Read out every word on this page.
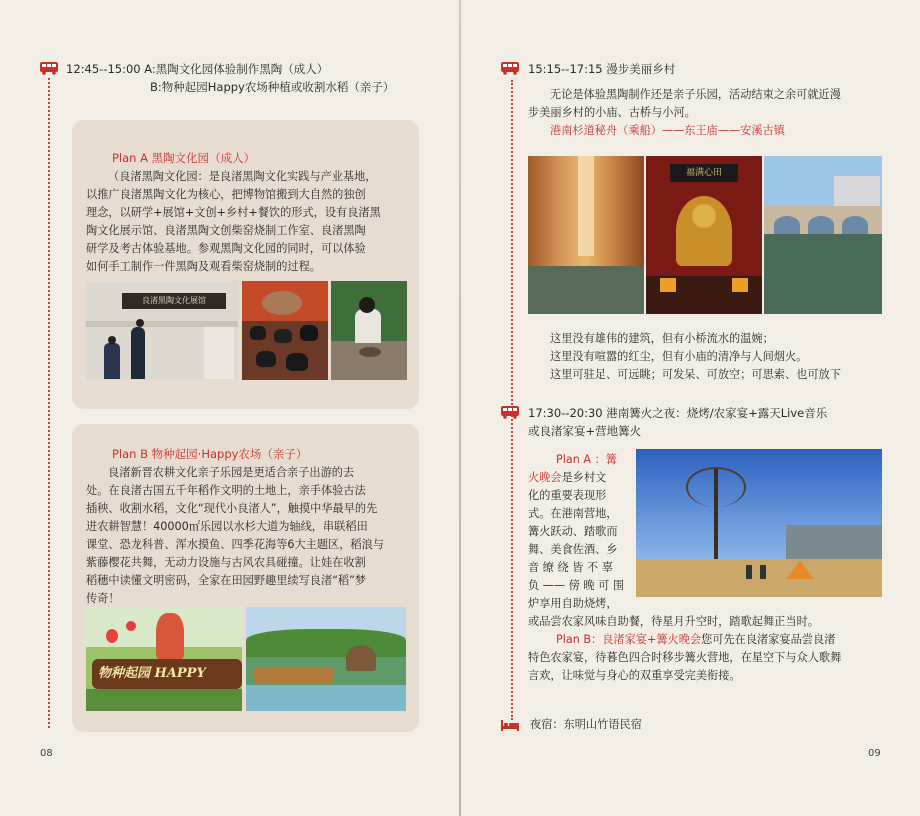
12:45--15:00 A:黑陶文化园体验制作黑陶（成人）
B:物种起园Happy农场种植或收割水稻（亲子）
Plan A 黑陶文化园（成人）
（良渚黑陶文化园：是良渚黑陶文化实践与产业基地，
以推广良渚黑陶文化为核心，把博物馆搬到大自然的独创
理念，以研学+展馆+文创+乡村+餐饮的形式，设有良渚黑
陶文化展示馆、良渚黑陶文创柴窑烧制工作室、良渚黑陶
研学及考古体验基地。参观黑陶文化园的同时，可以体验
如何手工制作一件黑陶及观看柴窑烧制的过程。
良渚黑陶文化展馆
Plan B 物种起园·Happy农场（亲子）
良渚新晋农耕文化亲子乐园是更适合亲子出游的去
处。在良渚古国五千年稻作文明的土地上，亲手体验古法
插秧、收割水稻，文化“现代小良渚人”，触摸中华最早的先
进农耕智慧！40000㎡乐园以水杉大道为轴线，串联稻田
课堂、恐龙科普、浑水摸鱼、四季花海等6大主题区，稻浪与
紫藤樱花共舞，无动力设施与古风农具碰撞。让娃在收割
稻穗中读懂文明密码，全家在田园野趣里续写良渚“稻”梦
传奇！
物种起园 HAPPY
08
15:15--17:15 漫步美丽乡村
无论是体验黑陶制作还是亲子乐园，活动结束之余可就近漫
步美丽乡村的小庙、古桥与小河。
港南杉道秘舟（乘船）——东王庙——安溪古镇
福满心田
这里没有雄伟的建筑，但有小桥流水的温婉；
这里没有喧嚣的红尘，但有小庙的清净与人间烟火。
这里可驻足、可远眺；可发呆、可放空；可思索、也可放下
17:30--20:30 港南篝火之夜：烧烤/农家宴+露天Live音乐
或良渚家宴+营地篝火
Plan A ：篝
火晚会是乡村文
化的重要表现形
式。在港南营地，
篝火跃动、踏歌而
舞、美食佐酒、乡
音 缭 绕 皆 不 辜
负 —— 傍 晚 可 围
炉享用自助烧烤，
或品尝农家风味自助餐，待星月升空时，踏歌起舞正当时。
Plan B：良渚家宴+篝火晚会您可先在良渚家宴品尝良渚
特色农家宴，待暮色四合时移步篝火营地，在星空下与众人歌舞
言欢，让味觉与身心的双重享受完美衔接。
夜宿：东明山竹语民宿
09
